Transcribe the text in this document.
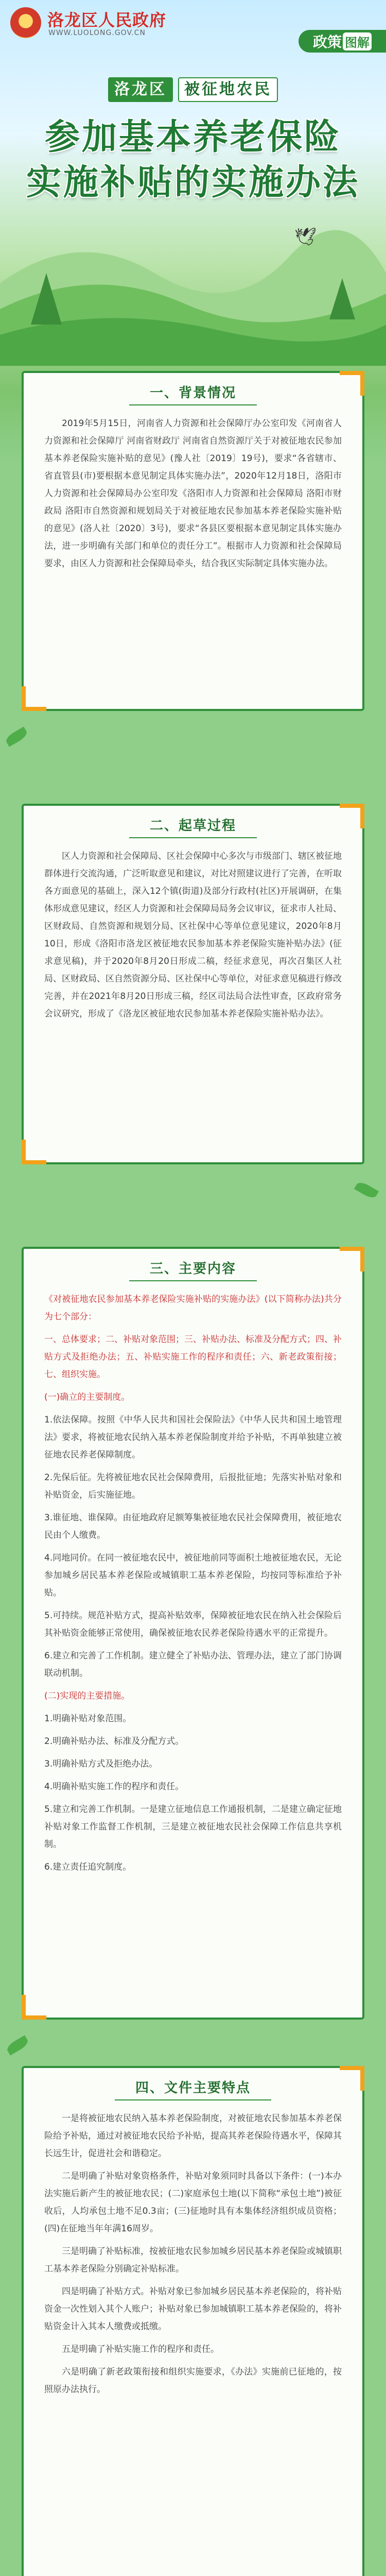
洛龙区人民政府
WWW.LUOLONG.GOV.CN
政策 图解
洛龙区	被征地农民
参加基本养老保险
实施补贴的实施办法
🕊
一、背景情况

2019年5月15日，河南省人力资源和社会保障厅办公室印发《河南省人力资源和社会保障厅 河南省财政厅 河南省自然资源厅关于对被征地农民参加基本养老保险实施补贴的意见》(豫人社〔2019〕19号)，要求“各省辖市、省直管县(市)要根据本意见制定具体实施办法”，2020年12月18日，洛阳市人力资源和社会保障局办公室印发《洛阳市人力资源和社会保障局 洛阳市财政局 洛阳市自然资源和规划局关于对被征地农民参加基本养老保险实施补贴的意见》(洛人社〔2020〕3号)，要求“各县区要根据本意见制定具体实施办法，进一步明确有关部门和单位的责任分工”。根据市人力资源和社会保障局要求，由区人力资源和社会保障局牵头，结合我区实际制定具体实施办法。

二、起草过程

区人力资源和社会保障局、区社会保障中心多次与市级部门、辖区被征地群体进行交流沟通，广泛听取意见和建议，对比对照建议进行了完善，在听取各方面意见的基础上，深入12个镇(街道)及部分行政村(社区)开展调研，在集体形成意见建议，经区人力资源和社会保障局局务会议审议，征求市人社局、区财政局、自然资源和规划分局、区社保中心等单位意见建议，2020年8月10日，形成《洛阳市洛龙区被征地农民参加基本养老保险实施补贴办法》(征求意见稿)，并于2020年8月20日形成二稿，经征求意见，再次召集区人社局、区财政局、区自然资源分局、区社保中心等单位，对征求意见稿进行修改完善，并在2021年8月20日形成三稿，经区司法局合法性审查，区政府常务会议研究，形成了《洛龙区被征地农民参加基本养老保险实施补贴办法》。

三、主要内容

《对被征地农民参加基本养老保险实施补贴的实施办法》(以下简称办法)共分为七个部分：

一、总体要求；二、补贴对象范围；三、补贴办法、标准及分配方式；四、补贴方式及拒绝办法；五、补贴实施工作的程序和责任；六、新老政策衔接；七、组织实施。

(一)确立的主要制度。

1.依法保障。按照《中华人民共和国社会保险法》《中华人民共和国土地管理法》要求，将被征地农民纳入基本养老保险制度并给予补贴，不再单独建立被征地农民养老保障制度。

2.先保后征。先将被征地农民社会保障费用，后报批征地；先落实补贴对象和补贴资金，后实施征地。

3.谁征地、谁保障。由征地政府足额筹集被征地农民社会保障费用，被征地农民由个人缴费。

4.同地同价。在同一被征地农民中，被征地前同等面积土地被征地农民，无论参加城乡居民基本养老保险或城镇职工基本养老保险，均按同等标准给予补贴。

5.可持续。规范补贴方式，提高补贴效率，保障被征地农民在纳入社会保险后其补贴资金能够正常使用，确保被征地农民养老保险待遇水平的正常提升。

6.建立和完善了工作机制。建立健全了补贴办法、管理办法，建立了部门协调联动机制。

(二)实现的主要措施。

1.明确补贴对象范围。

2.明确补贴办法、标准及分配方式。

3.明确补贴方式及拒绝办法。

4.明确补贴实施工作的程序和责任。

5.建立和完善工作机制。一是建立征地信息工作通报机制，二是建立确定征地补贴对象工作监督工作机制，三是建立被征地农民社会保障工作信息共享机制。

6.建立责任追究制度。

四、文件主要特点

一是将被征地农民纳入基本养老保险制度，对被征地农民参加基本养老保险给予补贴，通过对被征地农民给予补贴，提高其养老保险待遇水平，保障其长远生计，促进社会和谐稳定。

二是明确了补贴对象资格条件，补贴对象须同时具备以下条件：(一)本办法实施后新产生的被征地农民；(二)家庭承包土地(以下简称“承包土地”)被征收后，人均承包土地不足0.3亩；(三)征地时具有本集体经济组织成员资格；(四)在征地当年年满16周岁。

三是明确了补贴标准，按被征地农民参加城乡居民基本养老保险或城镇职工基本养老保险分别确定补贴标准。

四是明确了补贴方式。补贴对象已参加城乡居民基本养老保险的，将补贴资金一次性划入其个人账户；补贴对象已参加城镇职工基本养老保险的，将补贴资金计入其本人缴费或抵缴。

五是明确了补贴实施工作的程序和责任。

六是明确了新老政策衔接和组织实施要求，《办法》实施前已征地的，按照原办法执行。
